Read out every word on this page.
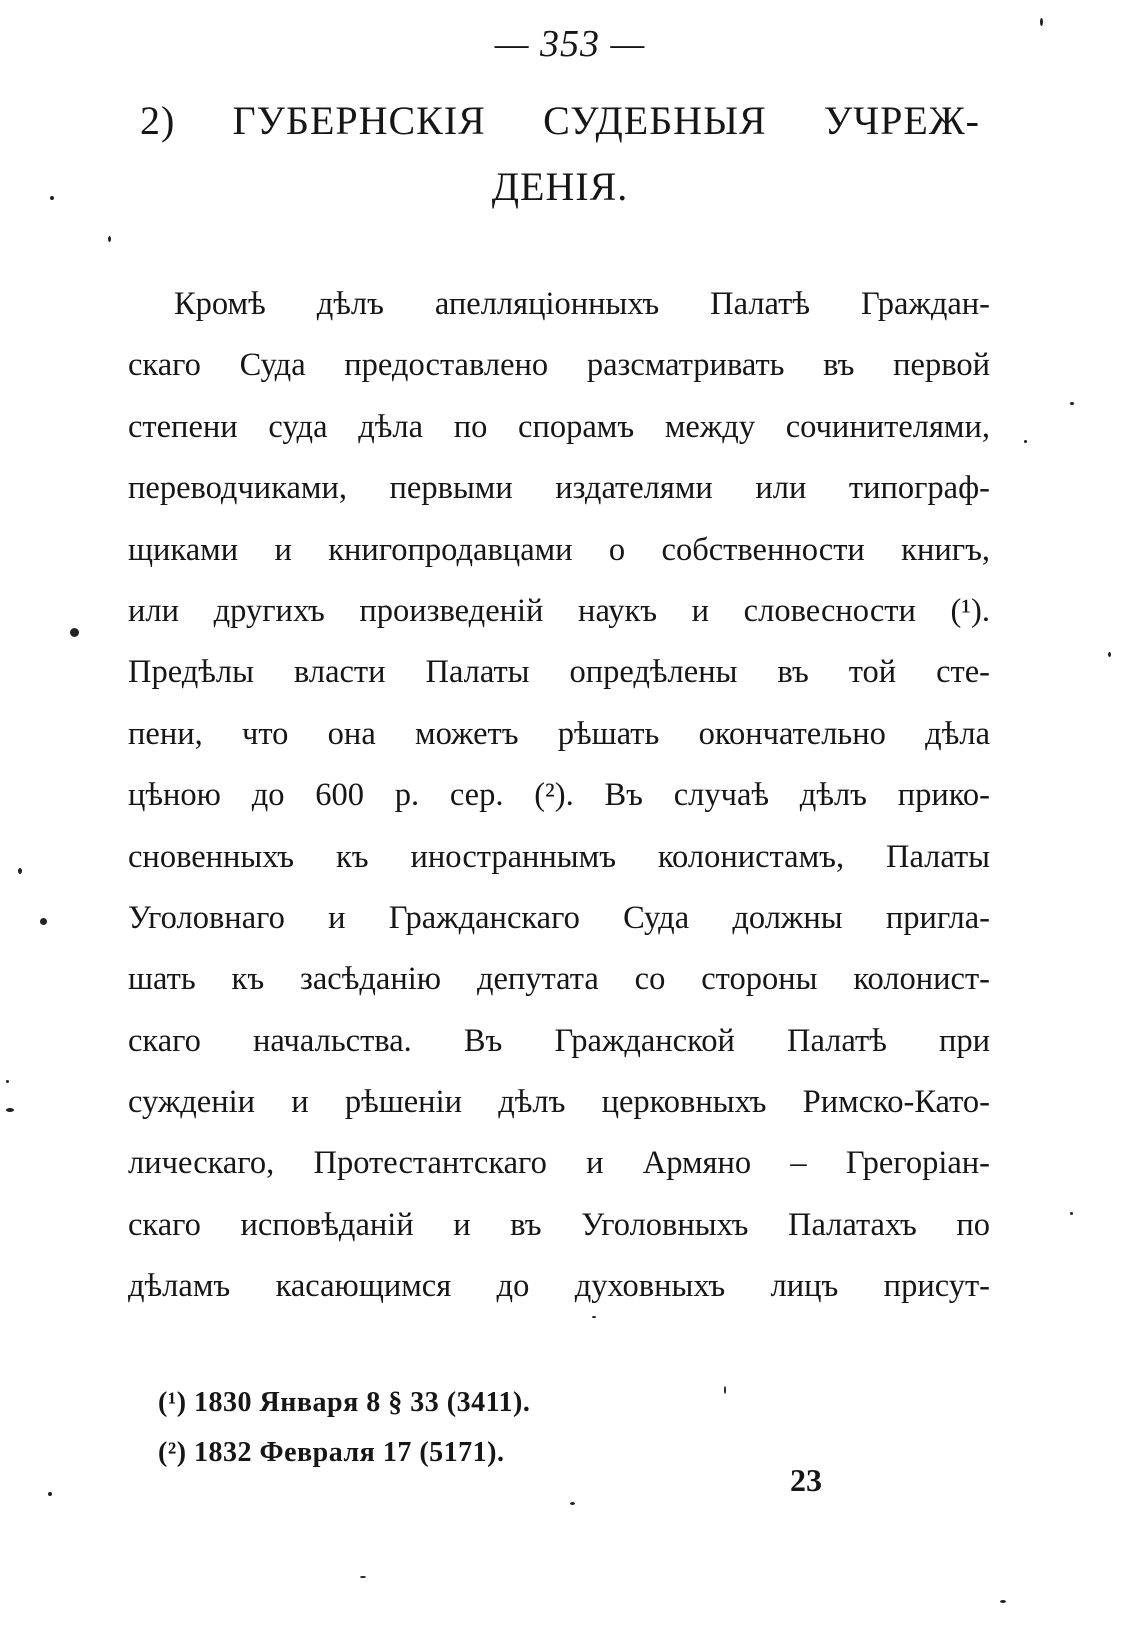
— 353 —
2) ГУБЕРНСКІЯ СУДЕБНЫЯ УЧРЕЖ-
ДЕНІЯ.
Кромѣ дѣлъ апелляціонныхъ Палатѣ Граждан-
скаго Суда предоставлено разсматривать въ первой
степени суда дѣла по спорамъ между сочинителями,
переводчиками, первыми издателями или типограф-
щиками и книгопродавцами о собственности книгъ,
или другихъ произведеній наукъ и словесности (¹).
Предѣлы власти Палаты опредѣлены въ той сте-
пени, что она можетъ рѣшать окончательно дѣла
цѣною до 600 р. сер. (²). Въ случаѣ дѣлъ прико-
сновенныхъ къ иностраннымъ колонистамъ, Палаты
Уголовнаго и Гражданскаго Суда должны пригла-
шать къ засѣданію депутата со стороны колонист-
скаго начальства. Въ Гражданской Палатѣ при
сужденіи и рѣшеніи дѣлъ церковныхъ Римско-Като-
лическаго, Протестантскаго и Армяно – Грегоріан-
скаго исповѣданій и въ Уголовныхъ Палатахъ по
дѣламъ касающимся до духовныхъ лицъ присут-
(¹) 1830 Января 8 § 33 (3411).
(²) 1832 Февраля 17 (5171).
23
